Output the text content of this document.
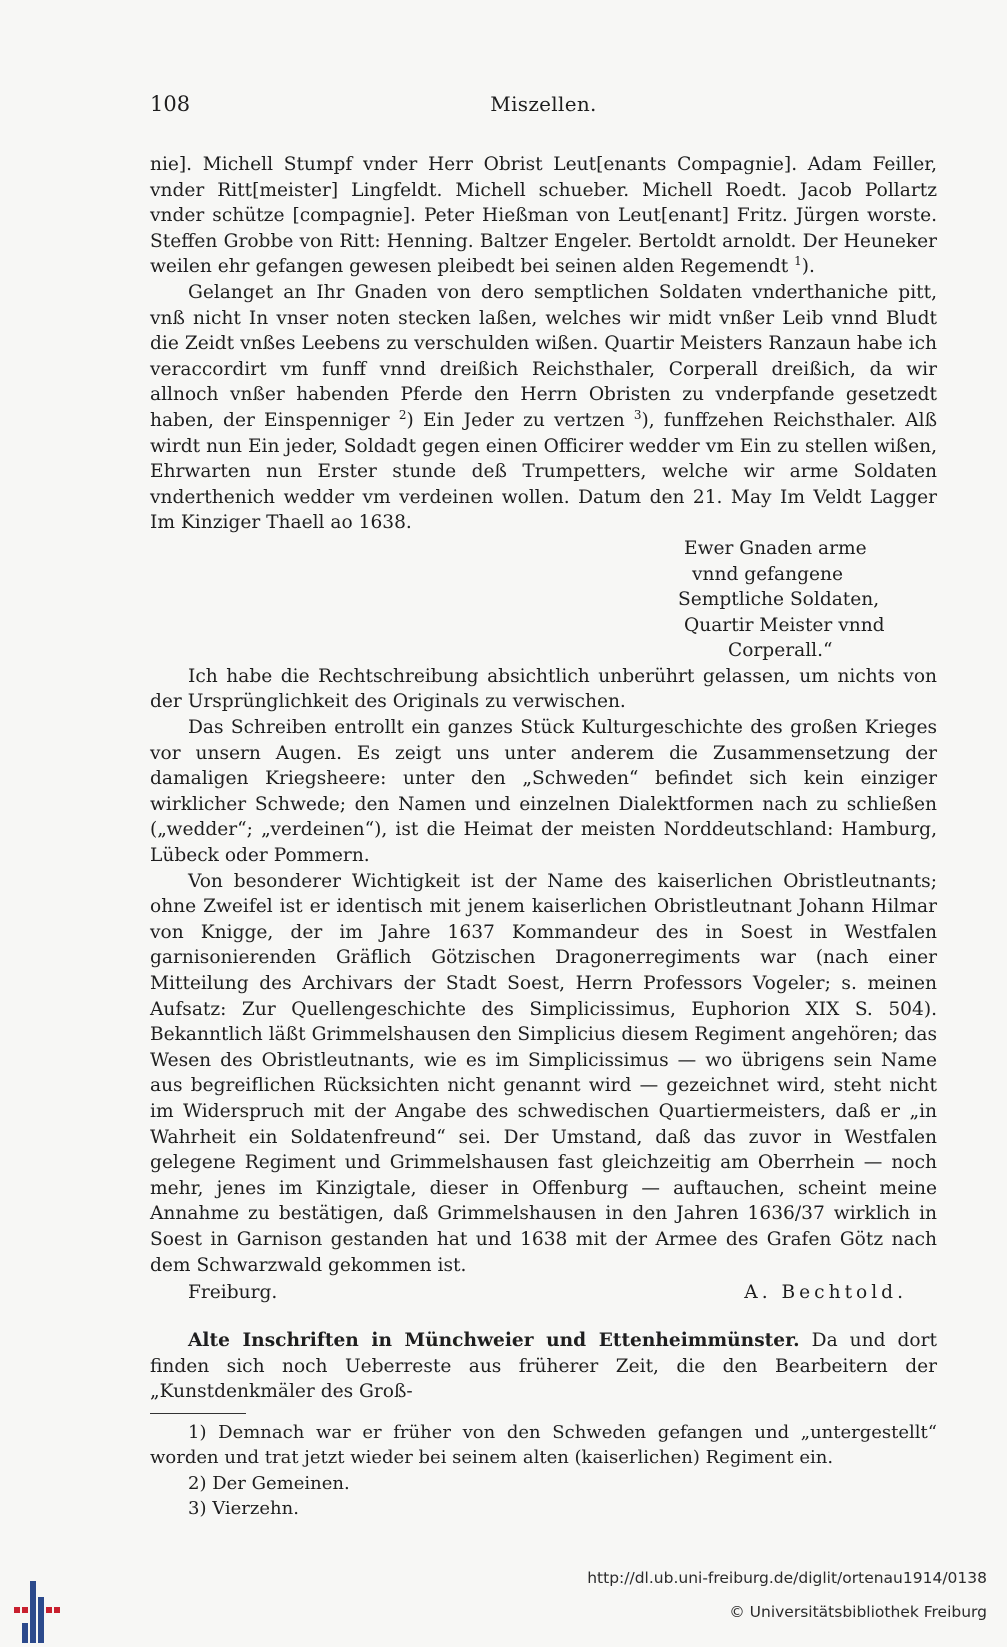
108	Miszellen.

nie]. Michell Stumpf vnder Herr Obrist Leut[enants Compagnie]. Adam Feiller, vnder Ritt[meister] Lingfeldt. Michell schueber. Michell Roedt. Jacob Pollartz vnder schütze [compagnie]. Peter Hießman von Leut[enant] Fritz. Jürgen worste. Steffen Grobbe von Ritt: Henning. Baltzer Engeler. Bertoldt arnoldt. Der Heuneker weilen ehr gefangen gewesen pleibedt bei seinen alden Regemendt $^1$).

Gelanget an Ihr Gnaden von dero semptlichen Soldaten vnderthaniche pitt, vnß nicht In vnser noten stecken laßen, welches wir midt vnßer Leib vnnd Bludt die Zeidt vnßes Leebens zu verschulden wißen. Quartir Meisters Ranzaun habe ich veraccordirt vm funff vnnd dreißich Reichsthaler, Corperall dreißich, da wir allnoch vnßer habenden Pferde den Herrn Obristen zu vnderpfande gesetzedt haben, der Einspenniger $^2$) Ein Jeder zu vertzen $^3$), funffzehen Reichsthaler. Alß wirdt nun Ein jeder, Soldadt gegen einen Officirer wedder vm Ein zu stellen wißen, Ehrwarten nun Erster stunde deß Trumpetters, welche wir arme Soldaten vnderthenich wedder vm verdeinen wollen. Datum den 21. May Im Veldt Lagger Im Kinziger Thaell ao 1638.

Ewer Gnaden arme
vnnd gefangene
Semptliche Soldaten,
Quartir Meister vnnd
Corperall.“

Ich habe die Rechtschreibung absichtlich unberührt gelassen, um nichts von der Ursprünglichkeit des Originals zu verwischen.

Das Schreiben entrollt ein ganzes Stück Kulturgeschichte des großen Krieges vor unsern Augen. Es zeigt uns unter anderem die Zusammensetzung der damaligen Kriegsheere: unter den „Schweden“ befindet sich kein einziger wirklicher Schwede; den Namen und einzelnen Dialektformen nach zu schließen („wedder“; „verdeinen“), ist die Heimat der meisten Norddeutschland: Hamburg, Lübeck oder Pommern.

Von besonderer Wichtigkeit ist der Name des kaiserlichen Obristleutnants; ohne Zweifel ist er identisch mit jenem kaiserlichen Obristleutnant Johann Hilmar von Knigge, der im Jahre 1637 Kommandeur des in Soest in Westfalen garnisonierenden Gräflich Götzischen Dragonerregiments war (nach einer Mitteilung des Archivars der Stadt Soest, Herrn Professors Vogeler; s. meinen Aufsatz: Zur Quellengeschichte des Simplicissimus, Euphorion XIX S. 504). Bekanntlich läßt Grimmelshausen den Simplicius diesem Regiment angehören; das Wesen des Obristleutnants, wie es im Simplicissimus — wo übrigens sein Name aus begreiflichen Rücksichten nicht genannt wird — gezeichnet wird, steht nicht im Widerspruch mit der Angabe des schwedischen Quartiermeisters, daß er „in Wahrheit ein Soldatenfreund“ sei. Der Umstand, daß das zuvor in Westfalen gelegene Regiment und Grimmelshausen fast gleichzeitig am Oberrhein — noch mehr, jenes im Kinzigtale, dieser in Offenburg — auftauchen, scheint meine Annahme zu bestätigen, daß Grimmelshausen in den Jahren 1636/37 wirklich in Soest in Garnison gestanden hat und 1638 mit der Armee des Grafen Götz nach dem Schwarzwald gekommen ist.

Freiburg.	A. Bechtold.

Alte Inschriften in Münchweier und Ettenheimmünster. Da und dort finden sich noch Ueberreste aus früherer Zeit, die den Bearbeitern der „Kunstdenkmäler des Groß-

1) Demnach war er früher von den Schweden gefangen und „untergestellt“ worden und trat jetzt wieder bei seinem alten (kaiserlichen) Regiment ein.

2) Der Gemeinen.

3) Vierzehn.

http://dl.ub.uni-freiburg.de/diglit/ortenau1914/0138
© Universitätsbibliothek Freiburg
